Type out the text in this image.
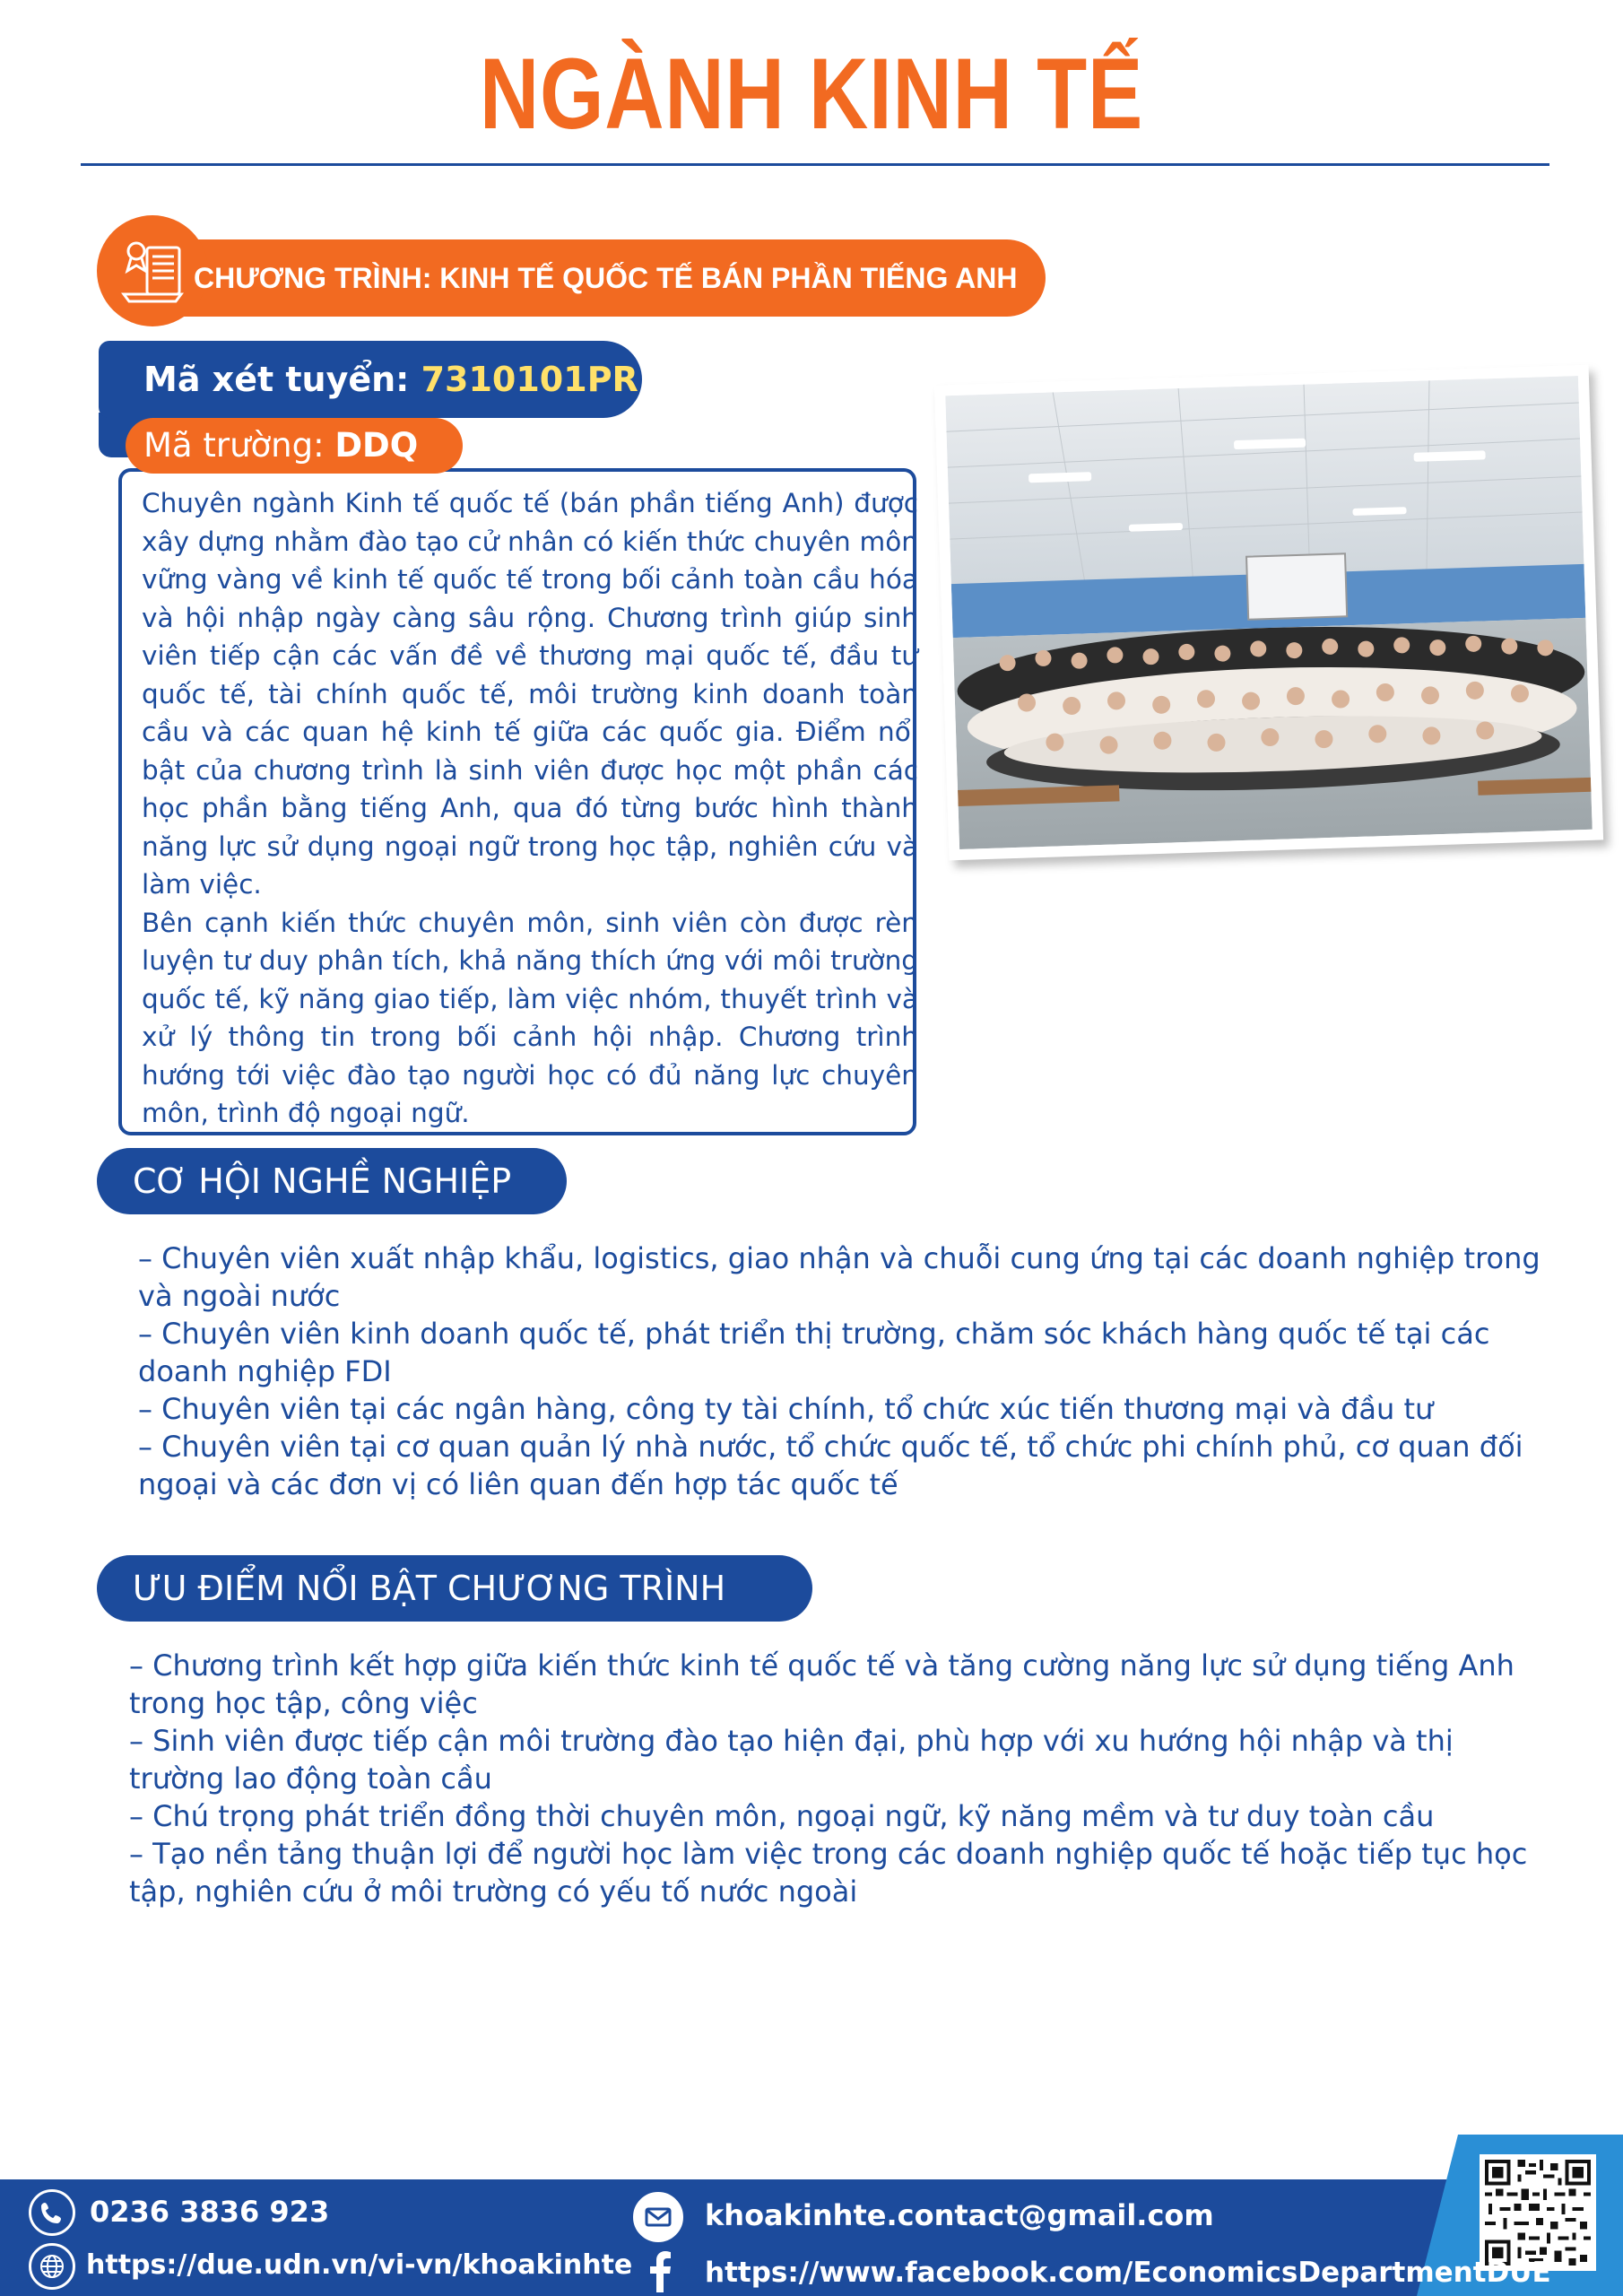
NGÀNH KINH TẾ
CHƯƠNG TRÌNH: KINH TẾ QUỐC TẾ BÁN PHẦN TIẾNG ANH
Mã xét tuyển: 7310101PR
Mã trường: DDQ

Chuyên ngành Kinh tế quốc tế (bán phần tiếng Anh) được xây dựng nhằm đào tạo cử nhân có kiến thức chuyên môn vững vàng về kinh tế quốc tế trong bối cảnh toàn cầu hóa và hội nhập ngày càng sâu rộng. Chương trình giúp sinh viên tiếp cận các vấn đề về thương mại quốc tế, đầu tư quốc tế, tài chính quốc tế, môi trường kinh doanh toàn cầu và các quan hệ kinh tế giữa các quốc gia. Điểm nổi bật của chương trình là sinh viên được học một phần các học phần bằng tiếng Anh, qua đó từng bước hình thành năng lực sử dụng ngoại ngữ trong học tập, nghiên cứu và làm việc.

Bên cạnh kiến thức chuyên môn, sinh viên còn được rèn luyện tư duy phân tích, khả năng thích ứng với môi trường quốc tế, kỹ năng giao tiếp, làm việc nhóm, thuyết trình và xử lý thông tin trong bối cảnh hội nhập. Chương trình hướng tới việc đào tạo người học có đủ năng lực chuyên môn, trình độ ngoại ngữ.

CƠ HỘI NGHỀ NGHIỆP

– Chuyên viên xuất nhập khẩu, logistics, giao nhận và chuỗi cung ứng tại các doanh nghiệp trong và ngoài nước

– Chuyên viên kinh doanh quốc tế, phát triển thị trường, chăm sóc khách hàng quốc tế tại các doanh nghiệp FDI

– Chuyên viên tại các ngân hàng, công ty tài chính, tổ chức xúc tiến thương mại và đầu tư

– Chuyên viên tại cơ quan quản lý nhà nước, tổ chức quốc tế, tổ chức phi chính phủ, cơ quan đối ngoại và các đơn vị có liên quan đến hợp tác quốc tế

ƯU ĐIỂM NỔI BẬT CHƯƠNG TRÌNH

– Chương trình kết hợp giữa kiến thức kinh tế quốc tế và tăng cường năng lực sử dụng tiếng Anh trong học tập, công việc

– Sinh viên được tiếp cận môi trường đào tạo hiện đại, phù hợp với xu hướng hội nhập và thị trường lao động toàn cầu

– Chú trọng phát triển đồng thời chuyên môn, ngoại ngữ, kỹ năng mềm và tư duy toàn cầu

– Tạo nền tảng thuận lợi để người học làm việc trong các doanh nghiệp quốc tế hoặc tiếp tục học tập, nghiên cứu ở môi trường có yếu tố nước ngoài

0236 3836 923
https://due.udn.vn/vi-vn/khoakinhte
khoakinhte.contact@gmail.com
https://www.facebook.com/EconomicsDepartmentDUE
